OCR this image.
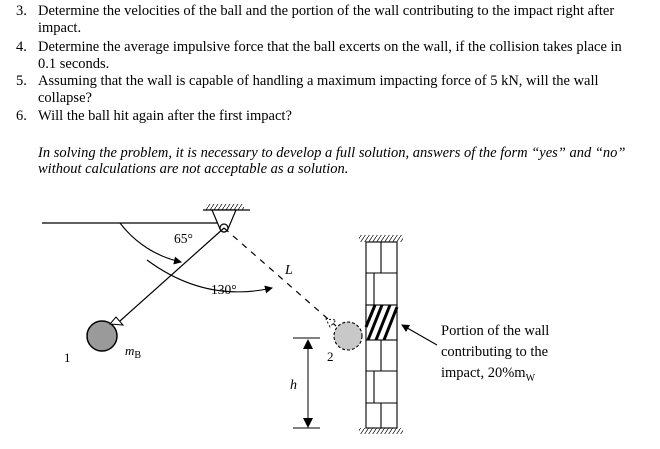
3. Determine the velocities of the ball and the portion of the wall contributing to the impact right after impact.
4. Determine the average impulsive force that the ball excerts on the wall, if the collision takes place in 0.1 seconds.
5. Assuming that the wall is capable of handling a maximum impacting force of 5 kN, will the wall collapse?
6. Will the ball hit again after the first impact?
In solving the problem, it is necessary to develop a full solution, answers of the form “yes” and “no” without calculations are not acceptable as a solution.
65°
130°
L
$m_B$
1	2
h
Portion of the wall
contributing to the
impact, $20\%m_W$
